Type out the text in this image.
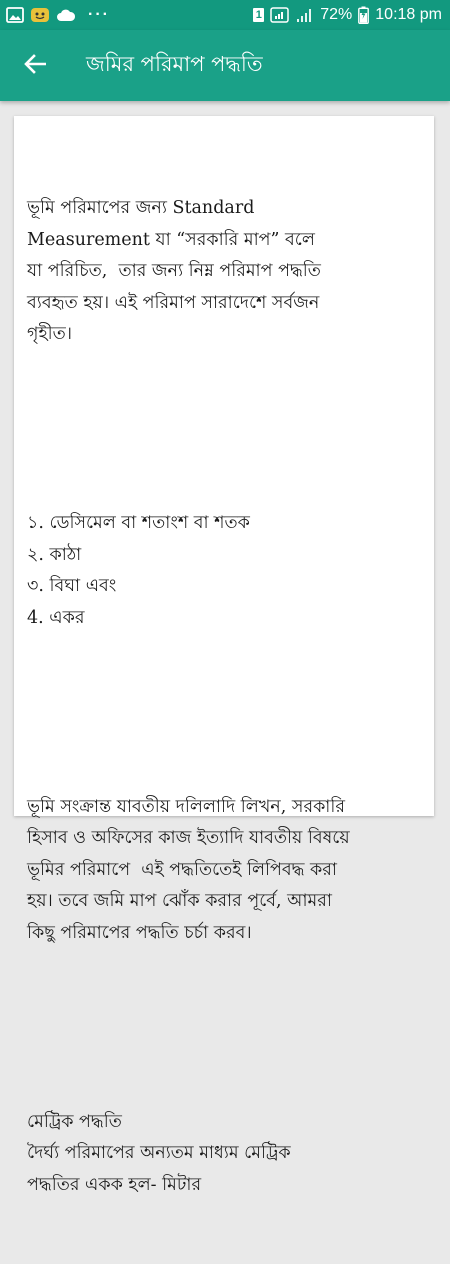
···	1	72% 10:18 pm
জমির পরিমাপ পদ্ধতি

ভূমি পরিমাপের জন্য Standard
Measurement যা “সরকারি মাপ” বলে
যা পরিচিত,  তার জন্য নিম্ন পরিমাপ পদ্ধতি
ব্যবহৃত হয়। এই পরিমাপ সারাদেশে সর্বজন
গৃহীত।

১. ডেসিমেল বা শতাংশ বা শতক
২. কাঠা
৩. বিঘা এবং
4. একর

ভূমি সংক্রান্ত যাবতীয় দলিলাদি লিখন, সরকারি
হিসাব ও অফিসের কাজ ইত্যাদি যাবতীয় বিষয়ে
ভূমির পরিমাপে  এই পদ্ধতিতেই লিপিবদ্ধ করা
হয়। তবে জমি মাপ ঝোঁক করার পূর্বে, আমরা
কিছু পরিমাপের পদ্ধতি চর্চা করব।

মেট্রিক পদ্ধতি
দৈর্ঘ্য পরিমাপের অন্যতম মাধ্যম মেট্রিক
পদ্ধতির একক হল- মিটার
